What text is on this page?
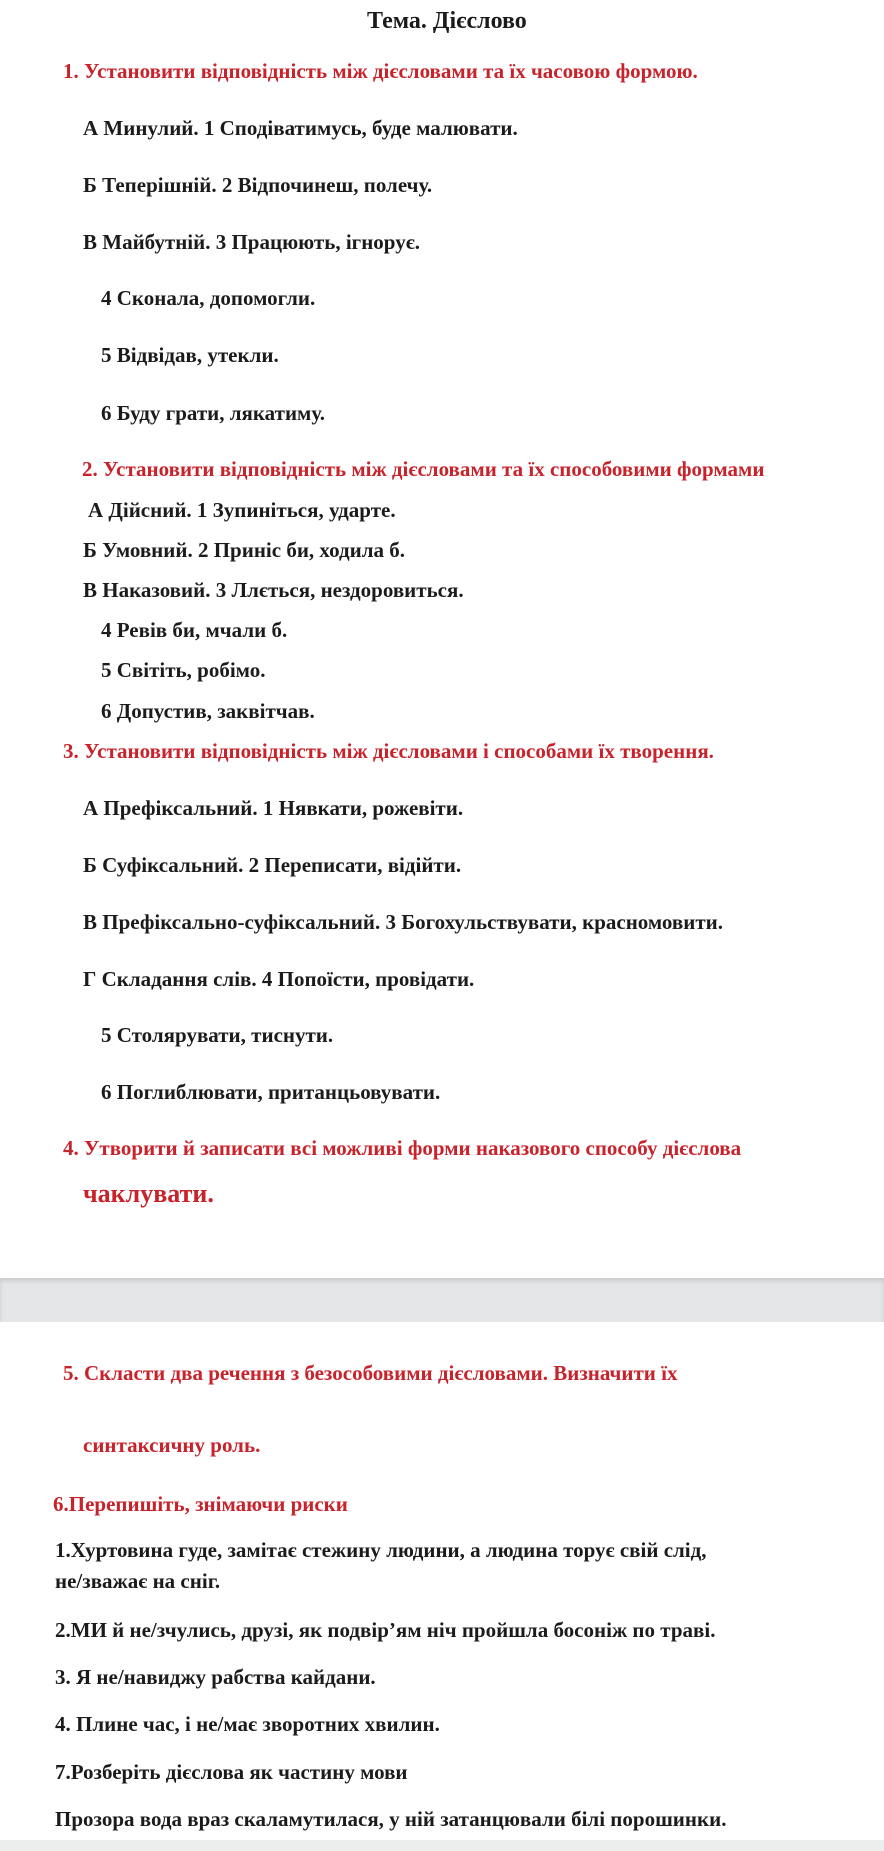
Тема. Дієслово
1. Установити відповідність між дієсловами та їх часовою формою.
А Минулий. 1 Сподіватимусь, буде малювати.
Б Теперішній. 2 Відпочинеш, полечу.
В Майбутній. 3 Працюють, ігнорує.
4 Сконала, допомогли.
5 Відвідав, утекли.
6 Буду грати, лякатиму.
2. Установити відповідність між дієсловами та їх способовими формами
А Дійсний. 1 Зупиніться, ударте.
Б Умовний. 2 Приніс би, ходила б.
В Наказовий. 3 Ллється, нездоровиться.
4 Ревів би, мчали б.
5 Світіть, робімо.
6 Допустив, заквітчав.
3. Установити відповідність між дієсловами і способами їх творення.
А Префіксальний. 1 Нявкати, рожевіти.
Б Суфіксальний. 2 Переписати, відійти.
В Префіксально-суфіксальний. 3 Богохульствувати, красномовити.
Г Складання слів. 4 Попоїсти, провідати.
5 Столярувати, тиснути.
6 Поглиблювати, пританцьовувати.
4. Утворити й записати всі можливі форми наказового способу дієслова
чаклувати.
5. Скласти два речення з безособовими дієсловами. Визначити їх
синтаксичну роль.
6.Перепишіть, знімаючи риски
1.Хуртовина гуде, замітає стежину людини, а людина торує свій слід,
не/зважає на сніг.
2.МИ й не/зчулись, друзі, як подвір’ям ніч пройшла босоніж по траві.
3. Я не/навиджу рабства кайдани.
4. Плине час, і не/має зворотних хвилин.
7.Розберіть дієслова як частину мови
Прозора вода враз скаламутилася, у ній затанцювали білі порошинки.
